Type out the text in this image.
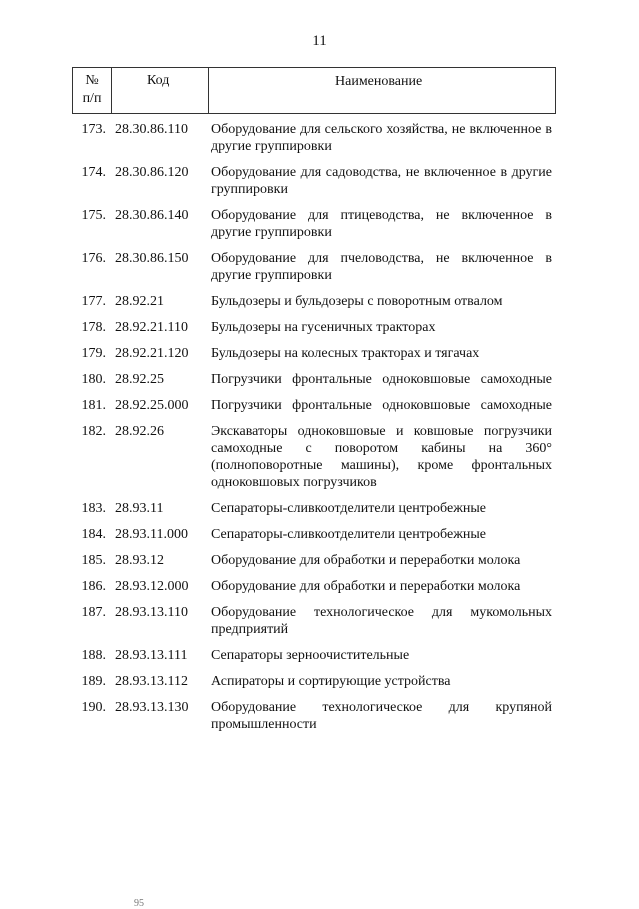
11
№
п/п
Код	Наименование
173. 28.30.86.110 Оборудование для сельского хозяйства, не включенное в другие группировки
174. 28.30.86.120 Оборудование для садоводства, не включенное в другие группировки
175. 28.30.86.140 Оборудование для птицеводства, не включенное в другие группировки
176. 28.30.86.150 Оборудование для пчеловодства, не включенное в другие группировки
177. 28.92.21	Бульдозеры и бульдозеры с поворотным отвалом
178. 28.92.21.110 Бульдозеры на гусеничных тракторах
179. 28.92.21.120 Бульдозеры на колесных тракторах и тягачах
180. 28.92.25	Погрузчики фронтальные одноковшовые самоходные
181. 28.92.25.000 Погрузчики фронтальные одноковшовые самоходные
182. 28.92.26	Экскаваторы одноковшовые и ковшовые погрузчики самоходные с поворотом кабины на 360° (полноповоротные машины), кроме фронтальных одноковшовых погрузчиков
183. 28.93.11	Сепараторы-сливкоотделители центробежные
184. 28.93.11.000 Сепараторы-сливкоотделители центробежные
185. 28.93.12	Оборудование для обработки и переработки молока
186. 28.93.12.000 Оборудование для обработки и переработки молока
187. 28.93.13.110 Оборудование технологическое для мукомольных предприятий
188. 28.93.13.111 Сепараторы зерноочистительные
189. 28.93.13.112 Аспираторы и сортирующие устройства
190. 28.93.13.130 Оборудование технологическое для крупяной промышленности
95
